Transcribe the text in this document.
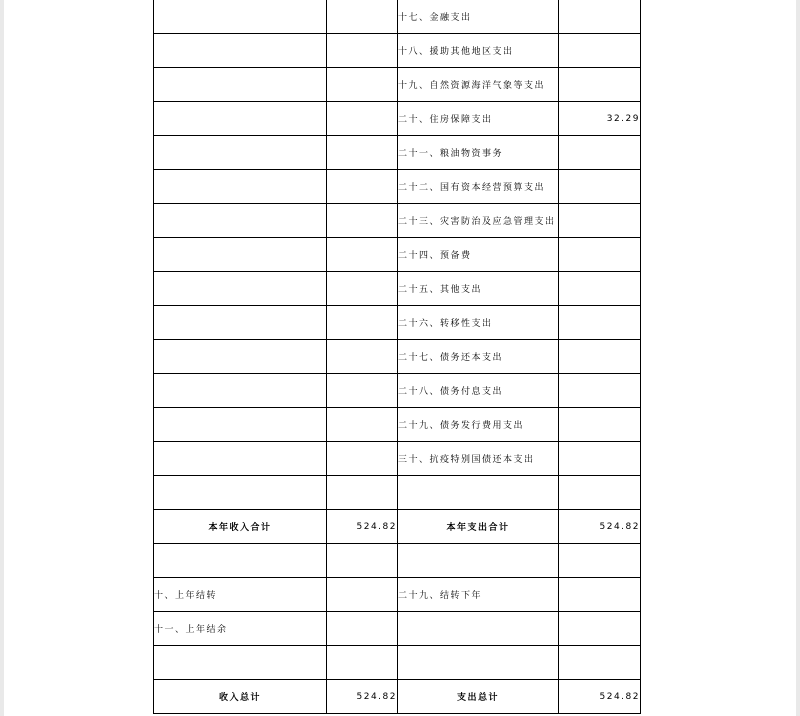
		十七、金融支出	
		十八、援助其他地区支出	
		十九、自然资源海洋气象等支出	
		二十、住房保障支出	32.29
		二十一、粮油物资事务	
		二十二、国有资本经营预算支出	
		二十三、灾害防治及应急管理支出	
		二十四、预备费	
		二十五、其他支出	
		二十六、转移性支出	
		二十七、债务还本支出	
		二十八、债务付息支出	
		二十九、债务发行费用支出	
		三十、抗疫特别国债还本支出	

本年收入合计	524.82	本年支出合计	524.82

十、上年结转		二十九、结转下年	
十一、上年结余			

收入总计	524.82	支出总计	524.82
